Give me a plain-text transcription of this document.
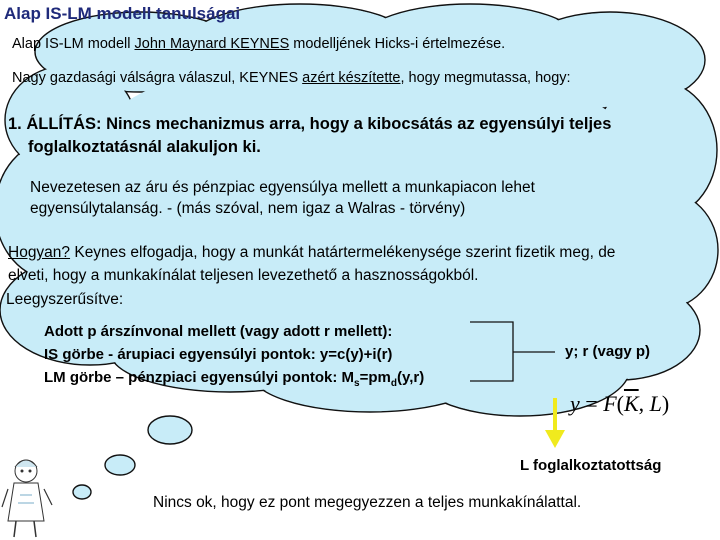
Alap IS-LM modell tanulságai
Alap IS-LM modell John Maynard KEYNES modelljének Hicks-i értelmezése.
Nagy gazdasági válságra válaszul, KEYNES azért készítette, hogy megmutassa, hogy:
1. ÁLLÍTÁS: Nincs mechanizmus arra, hogy a kibocsátás az egyensúlyi teljes
foglalkoztatásnál alakuljon ki.
Nevezetesen az áru és pénzpiac egyensúlya mellett a munkapiacon lehet
egyensúlytalanság. - (más szóval, nem igaz a Walras - törvény)
Hogyan? Keynes elfogadja, hogy a munkát határtermelékenysége szerint fizetik meg, de
elveti, hogy a munkakínálat teljesen levezethető a hasznosságokból.
Leegyszerűsítve:
Adott p árszínvonal mellett (vagy adott r mellett):
IS görbe - árupiaci egyensúlyi pontok: y=c(y)+i(r)
LM görbe – pénzpiaci egyensúlyi pontok: $M_s=pm_d(y,r)$
y; r (vagy p)
$y = F(\overline{K}$, L)
L foglalkoztatottság
Nincs ok, hogy ez pont megegyezzen a teljes munkakínálattal.
